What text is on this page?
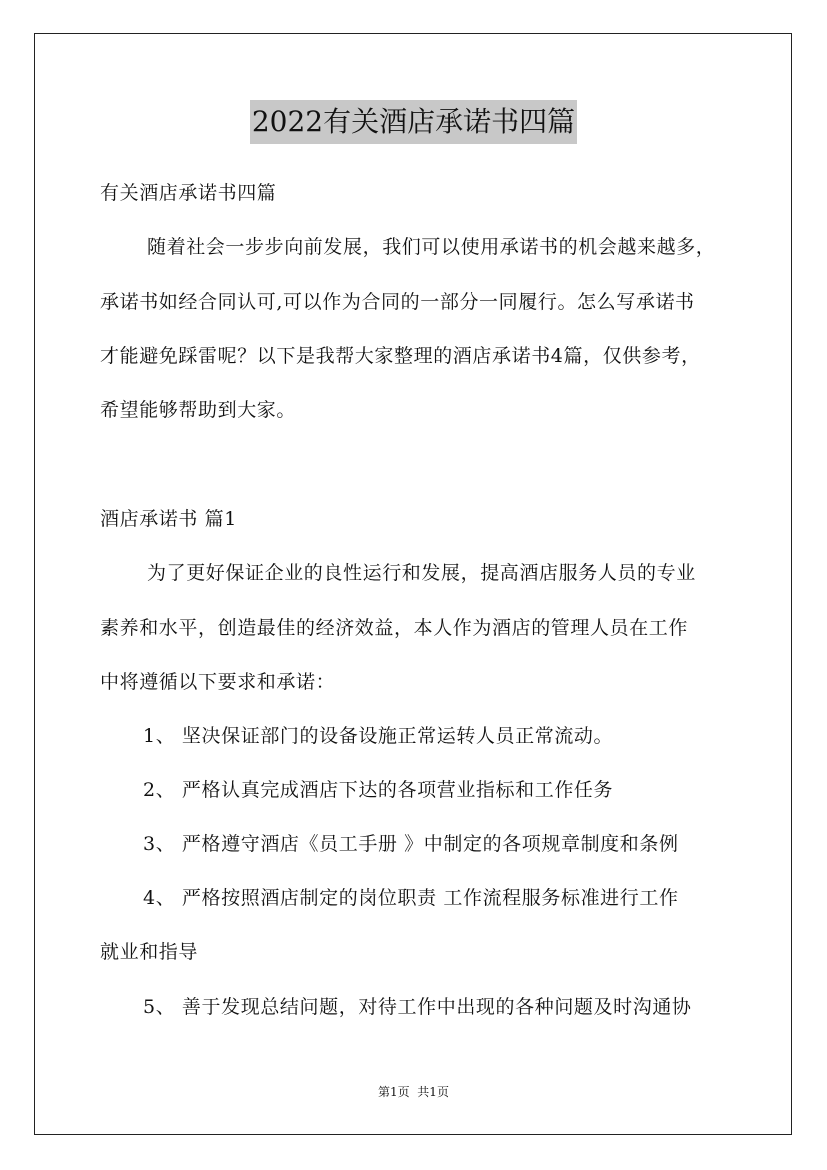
2022有关酒店承诺书四篇
有关酒店承诺书四篇
随着社会一步步向前发展，我们可以使用承诺书的机会越来越多，
承诺书如经合同认可,可以作为合同的一部分一同履行。怎么写承诺书
才能避免踩雷呢？以下是我帮大家整理的酒店承诺书4篇，仅供参考，
希望能够帮助到大家。
酒店承诺书 篇1
为了更好保证企业的良性运行和发展，提高酒店服务人员的专业
素养和水平，创造最佳的经济效益，本人作为酒店的管理人员在工作
中将遵循以下要求和承诺：
1、 坚决保证部门的设备设施正常运转人员正常流动。
2、 严格认真完成酒店下达的各项营业指标和工作任务
3、 严格遵守酒店《员工手册 》中制定的各项规章制度和条例
4、 严格按照酒店制定的岗位职责 工作流程服务标准进行工作
就业和指导
5、 善于发现总结问题，对待工作中出现的各种问题及时沟通协
第1页  共1页
